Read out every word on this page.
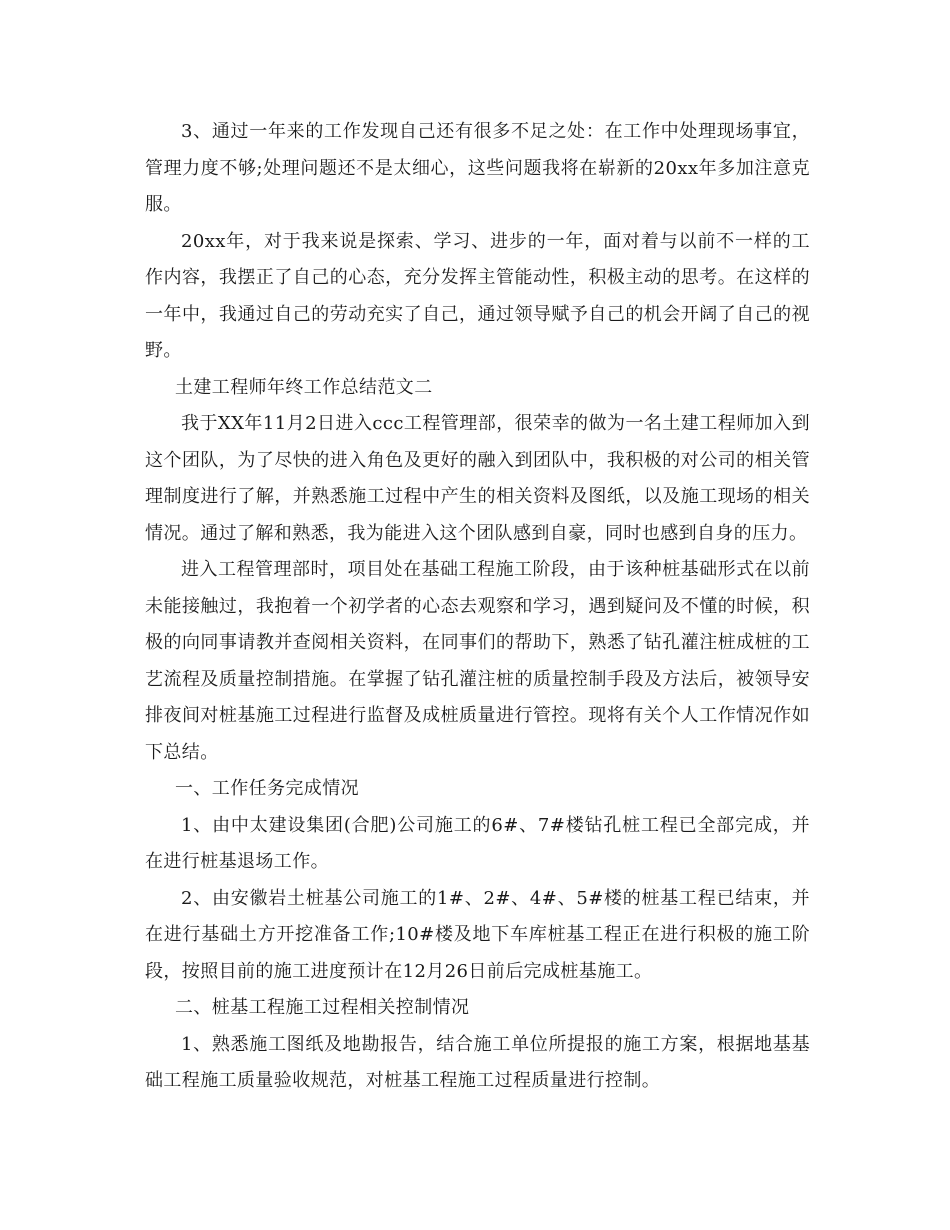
3、通过一年来的工作发现自己还有很多不足之处：在工作中处理现场事宜，管理力度不够;处理问题还不是太细心，这些问题我将在崭新的20xx年多加注意克服。

20xx年，对于我来说是探索、学习、进步的一年，面对着与以前不一样的工作内容，我摆正了自己的心态，充分发挥主管能动性，积极主动的思考。在这样的一年中，我通过自己的劳动充实了自己，通过领导赋予自己的机会开阔了自己的视野。

土建工程师年终工作总结范文二

我于XX年11月2日进入ccc工程管理部，很荣幸的做为一名土建工程师加入到这个团队，为了尽快的进入角色及更好的融入到团队中，我积极的对公司的相关管理制度进行了解，并熟悉施工过程中产生的相关资料及图纸，以及施工现场的相关情况。通过了解和熟悉，我为能进入这个团队感到自豪，同时也感到自身的压力。

进入工程管理部时，项目处在基础工程施工阶段，由于该种桩基础形式在以前未能接触过，我抱着一个初学者的心态去观察和学习，遇到疑问及不懂的时候，积极的向同事请教并查阅相关资料，在同事们的帮助下，熟悉了钻孔灌注桩成桩的工艺流程及质量控制措施。在掌握了钻孔灌注桩的质量控制手段及方法后，被领导安排夜间对桩基施工过程进行监督及成桩质量进行管控。现将有关个人工作情况作如下总结。

一、工作任务完成情况

1、由中太建设集团(合肥)公司施工的6#、7#楼钻孔桩工程已全部完成，并在进行桩基退场工作。

2、由安徽岩土桩基公司施工的1#、2#、4#、5#楼的桩基工程已结束，并在进行基础土方开挖准备工作;10#楼及地下车库桩基工程正在进行积极的施工阶段，按照目前的施工进度预计在12月26日前后完成桩基施工。

二、桩基工程施工过程相关控制情况

1、熟悉施工图纸及地勘报告，结合施工单位所提报的施工方案，根据地基基础工程施工质量验收规范，对桩基工程施工过程质量进行控制。
